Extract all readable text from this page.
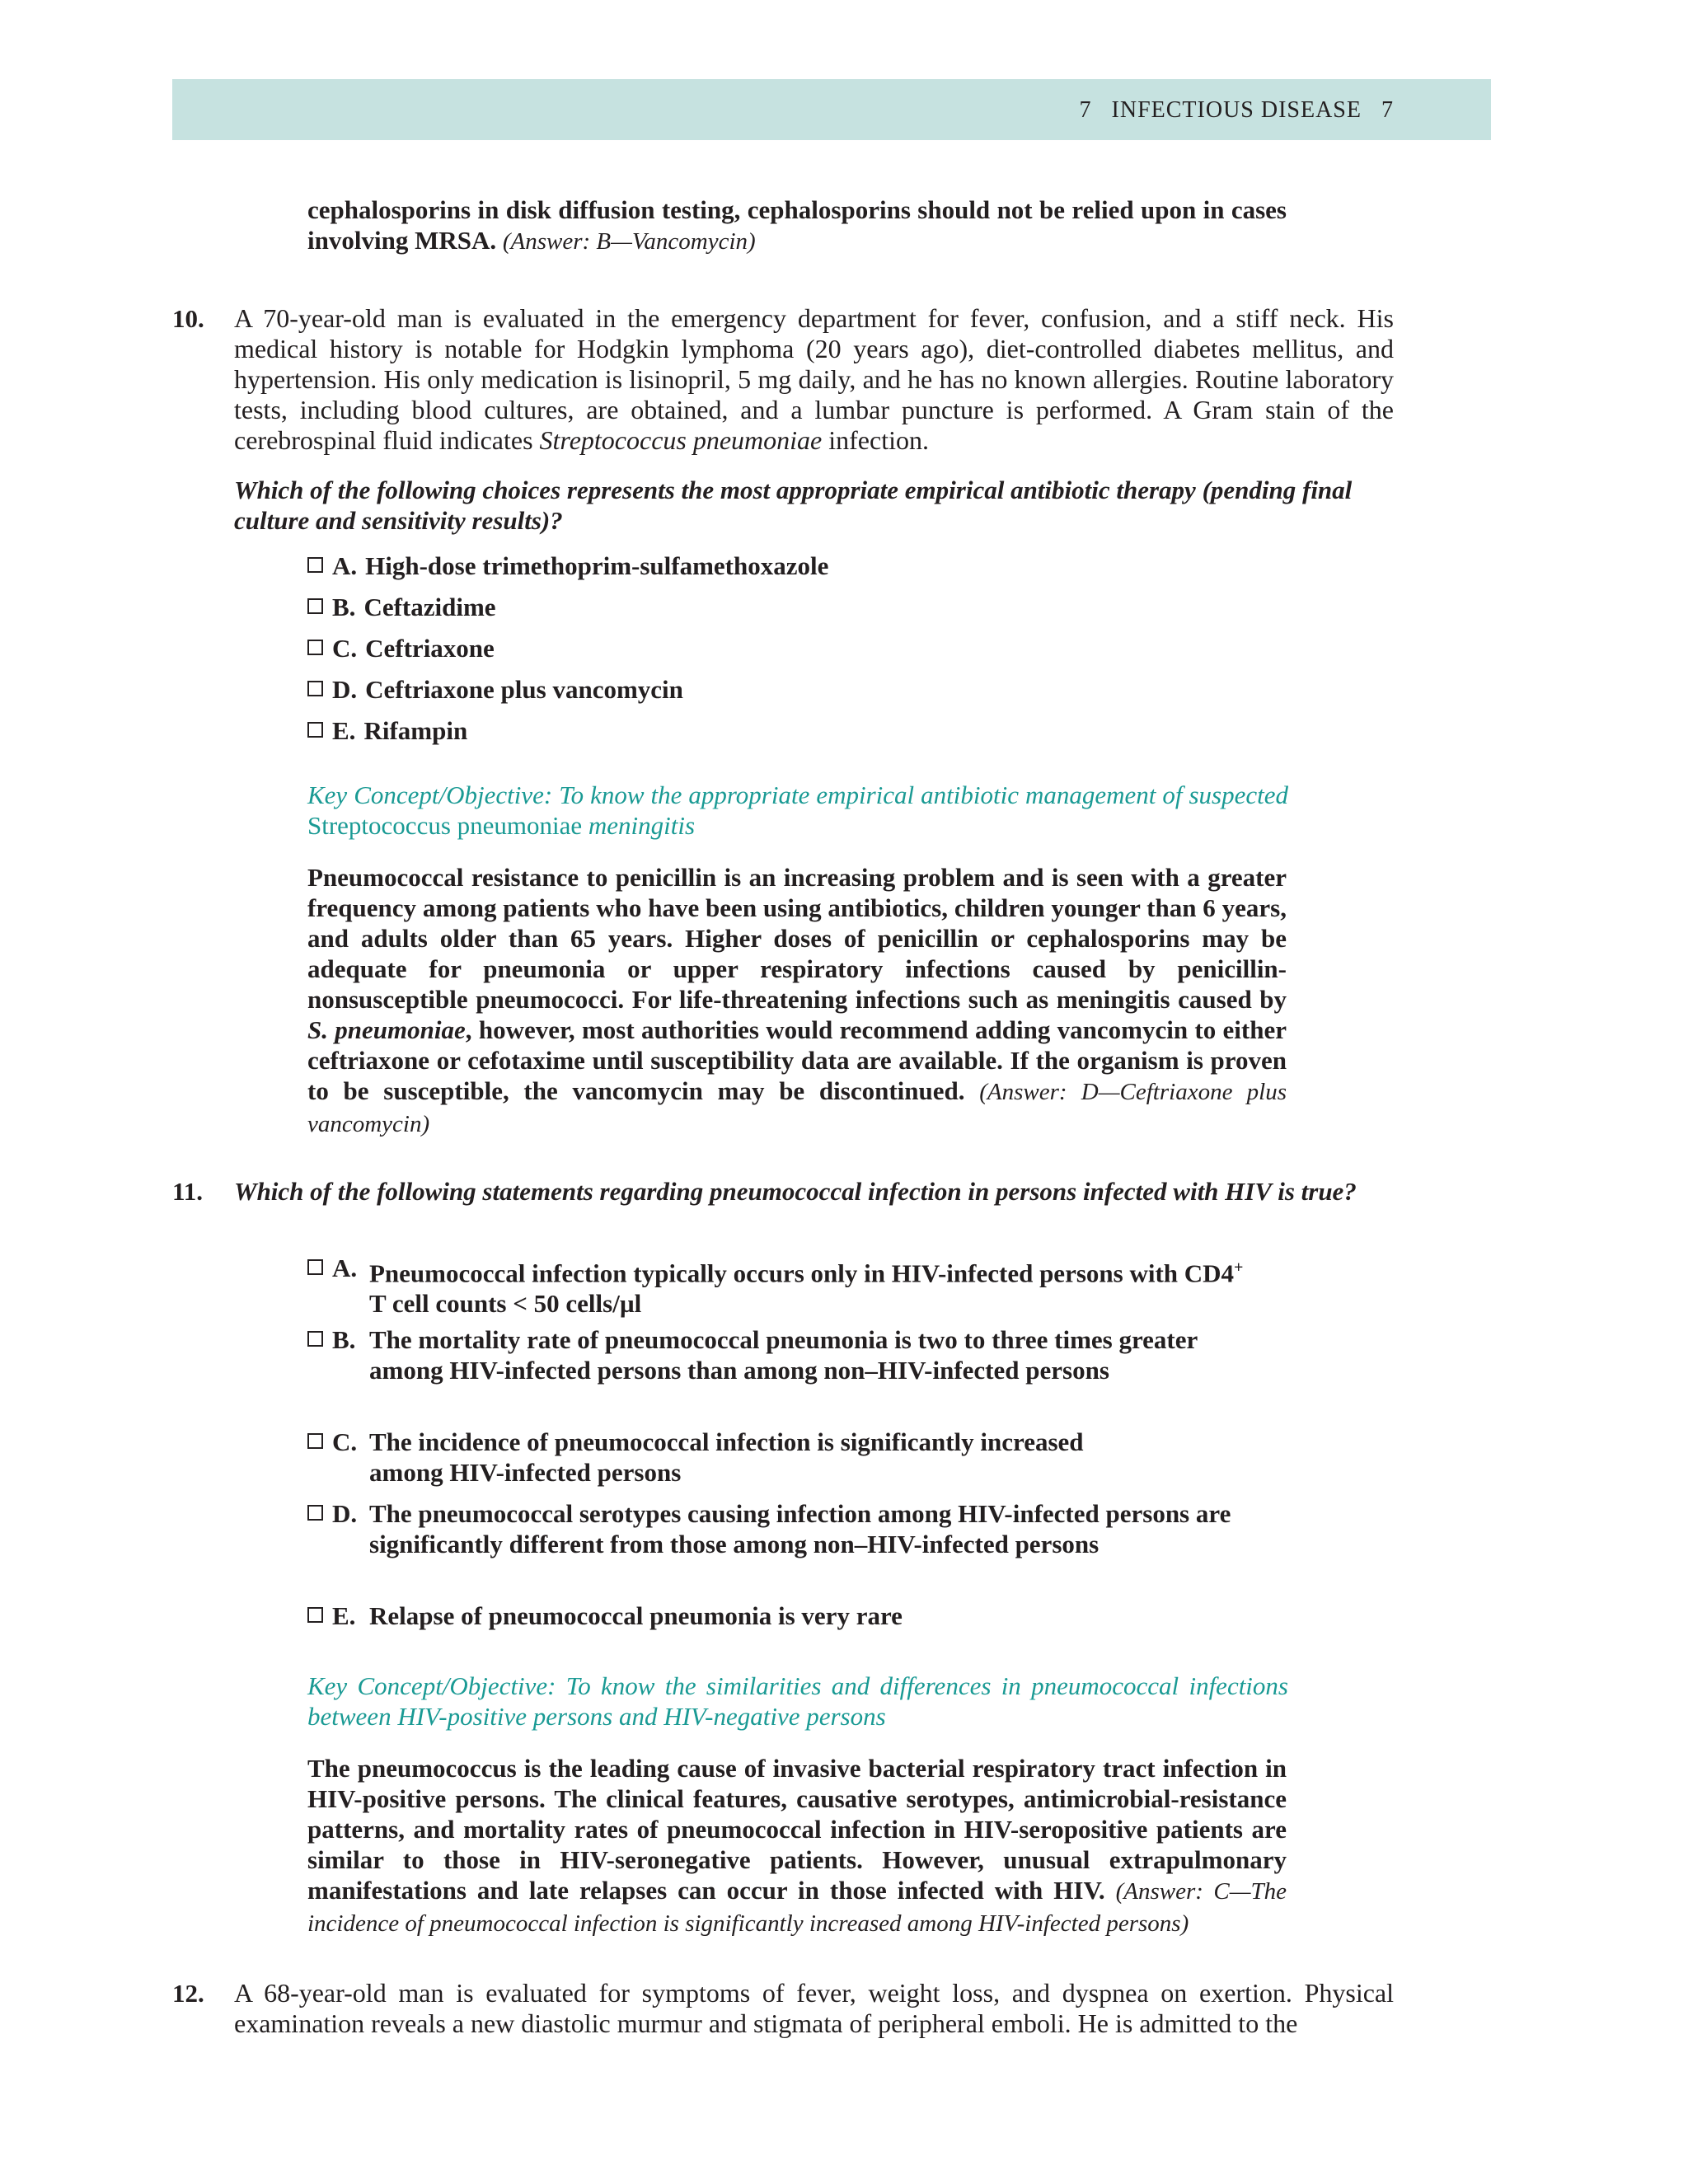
7 INFECTIOUS DISEASE 7
cephalosporins in disk diffusion testing, cephalosporins should not be relied upon in cases involving MRSA. (Answer: B—Vancomycin)
10.	A 70-year-old man is evaluated in the emergency department for fever, confusion, and a stiff neck. His medical history is notable for Hodgkin lymphoma (20 years ago), diet-controlled diabetes mellitus, and hypertension. His only medication is lisinopril, 5 mg daily, and he has no known allergies. Routine laboratory tests, including blood cultures, are obtained, and a lumbar puncture is performed. A Gram stain of the cerebrospinal fluid indicates Streptococcus pneumoniae infection.
Which of the following choices represents the most appropriate empirical antibiotic therapy (pending final culture and sensitivity results)?
A. High-dose trimethoprim-sulfamethoxazole
B. Ceftazidime
C. Ceftriaxone
D. Ceftriaxone plus vancomycin
E. Rifampin
Key Concept/Objective: To know the appropriate empirical antibiotic management of suspected Streptococcus pneumoniae meningitis
Pneumococcal resistance to penicillin is an increasing problem and is seen with a greater frequency among patients who have been using antibiotics, children younger than 6 years, and adults older than 65 years. Higher doses of penicillin or cephalosporins may be adequate for pneumonia or upper respiratory infections caused by penicillin-nonsusceptible pneumococci. For life-threatening infections such as meningitis caused by S. pneumoniae, however, most authorities would recommend adding vancomycin to either ceftriaxone or cefotaxime until susceptibility data are available. If the organism is proven to be susceptible, the vancomycin may be discontinued. (Answer: D—Ceftriaxone plus vancomycin)
11.	Which of the following statements regarding pneumococcal infection in persons infected with HIV is true?
A. Pneumococcal infection typically occurs only in HIV-infected persons with CD4+ T cell counts < 50 cells/µl
B. The mortality rate of pneumococcal pneumonia is two to three times greater among HIV-infected persons than among non–HIV-infected persons
C. The incidence of pneumococcal infection is significantly increased among HIV-infected persons
D. The pneumococcal serotypes causing infection among HIV-infected persons are significantly different from those among non–HIV-infected persons
E. Relapse of pneumococcal pneumonia is very rare
Key Concept/Objective: To know the similarities and differences in pneumococcal infections between HIV-positive persons and HIV-negative persons
The pneumococcus is the leading cause of invasive bacterial respiratory tract infection in HIV-positive persons. The clinical features, causative serotypes, antimicrobial-resistance patterns, and mortality rates of pneumococcal infection in HIV-seropositive patients are similar to those in HIV-seronegative patients. However, unusual extrapulmonary manifestations and late relapses can occur in those infected with HIV. (Answer: C—The incidence of pneumococcal infection is significantly increased among HIV-infected persons)
12.	A 68-year-old man is evaluated for symptoms of fever, weight loss, and dyspnea on exertion. Physical examination reveals a new diastolic murmur and stigmata of peripheral emboli. He is admitted to the
